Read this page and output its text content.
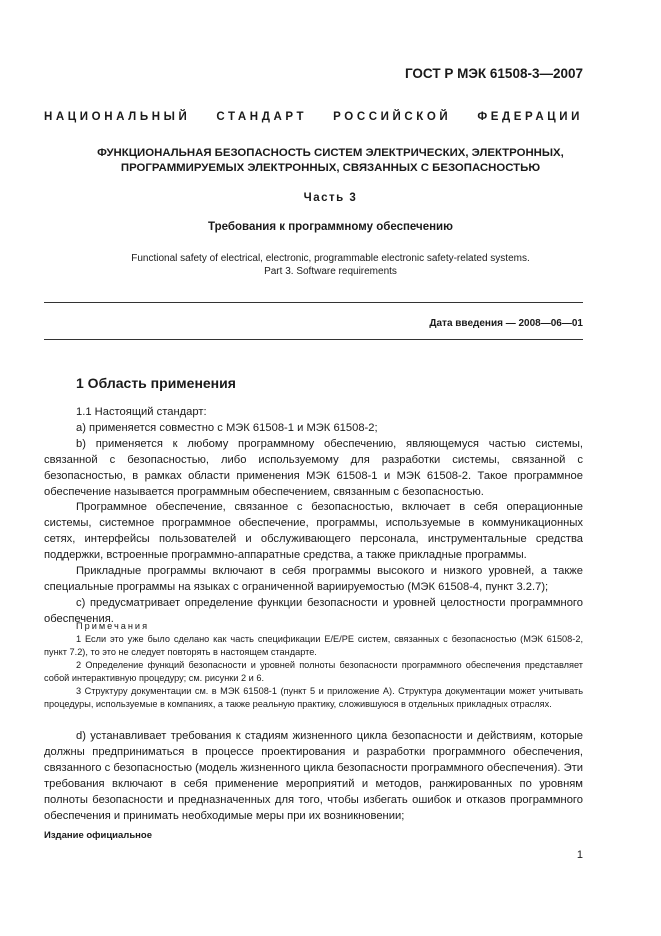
ГОСТ Р МЭК 61508-3—2007
НАЦИОНАЛЬНЫЙ СТАНДАРТ РОССИЙСКОЙ ФЕДЕРАЦИИ
ФУНКЦИОНАЛЬНАЯ БЕЗОПАСНОСТЬ СИСТЕМ ЭЛЕКТРИЧЕСКИХ, ЭЛЕКТРОННЫХ,
ПРОГРАММИРУЕМЫХ ЭЛЕКТРОННЫХ, СВЯЗАННЫХ С БЕЗОПАСНОСТЬЮ
Часть 3
Требования к программному обеспечению
Functional safety of electrical, electronic, programmable electronic safety-related systems.
Part 3. Software requirements
Дата введения — 2008—06—01
1 Область применения

1.1 Настоящий стандарт:

a) применяется совместно с МЭК 61508-1 и МЭК 61508-2;

b) применяется к любому программному обеспечению, являющемуся частью системы, связанной с безопасностью, либо используемому для разработки системы, связанной с безопасностью, в рамках области применения МЭК 61508-1 и МЭК 61508-2. Такое программное обеспечение называется программным обеспечением, связанным с безопасностью.

Программное обеспечение, связанное с безопасностью, включает в себя операционные системы, системное программное обеспечение, программы, используемые в коммуникационных сетях, интерфейсы пользователей и обслуживающего персонала, инструментальные средства поддержки, встроенные программно-аппаратные средства, а также прикладные программы.

Прикладные программы включают в себя программы высокого и низкого уровней, а также специальные программы на языках с ограниченной вариируемостью (МЭК 61508-4, пункт 3.2.7);

c) предусматривает определение функции безопасности и уровней целостности программного обеспечения.

Примечания

1 Если это уже было сделано как часть спецификации E/E/PE систем, связанных с безопасностью (МЭК 61508-2, пункт 7.2), то это не следует повторять в настоящем стандарте.

2 Определение функций безопасности и уровней полноты безопасности программного обеспечения представляет собой интерактивную процедуру; см. рисунки 2 и 6.

3 Структуру документации см. в МЭК 61508-1 (пункт 5 и приложение А). Структура документации может учитывать процедуры, используемые в компаниях, а также реальную практику, сложившуюся в отдельных прикладных отраслях.

d) устанавливает требования к стадиям жизненного цикла безопасности и действиям, которые должны предприниматься в процессе проектирования и разработки программного обеспечения, связанного с безопасностью (модель жизненного цикла безопасности программного обеспечения). Эти требования включают в себя применение мероприятий и методов, ранжированных по уровням полноты безопасности и предназначенных для того, чтобы избегать ошибок и отказов программного обеспечения и принимать необходимые меры при их возникновении;

Издание официальное
1
